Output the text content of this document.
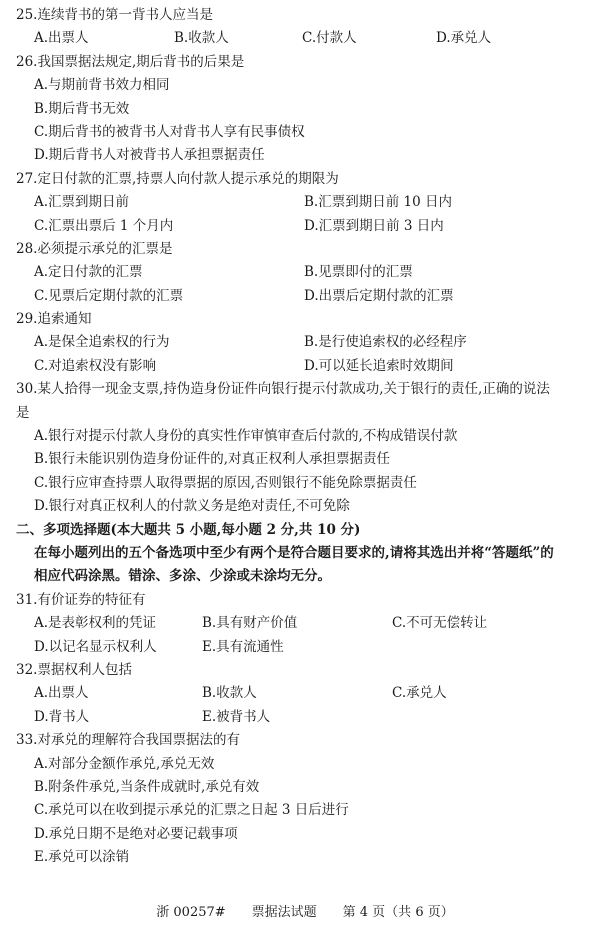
25.连续背书的第一背书人应当是
A.出票人	B.收款人	C.付款人	D.承兑人
26.我国票据法规定,期后背书的后果是
A.与期前背书效力相同
B.期后背书无效
C.期后背书的被背书人对背书人享有民事债权
D.期后背书人对被背书人承担票据责任
27.定日付款的汇票,持票人向付款人提示承兑的期限为
A.汇票到期日前	B.汇票到期日前 10 日内
C.汇票出票后 1 个月内	D.汇票到期日前 3 日内
28.必须提示承兑的汇票是
A.定日付款的汇票	B.见票即付的汇票
C.见票后定期付款的汇票	D.出票后定期付款的汇票
29.追索通知
A.是保全追索权的行为	B.是行使追索权的必经程序
C.对追索权没有影响	D.可以延长追索时效期间
30.某人拾得一现金支票,持伪造身份证件向银行提示付款成功,关于银行的责任,正确的说法
是
A.银行对提示付款人身份的真实性作审慎审查后付款的,不构成错误付款
B.银行未能识别伪造身份证件的,对真正权利人承担票据责任
C.银行应审查持票人取得票据的原因,否则银行不能免除票据责任
D.银行对真正权利人的付款义务是绝对责任,不可免除
二、多项选择题(本大题共 5 小题,每小题 2 分,共 10 分)
在每小题列出的五个备选项中至少有两个是符合题目要求的,请将其选出并将“答题纸”的
相应代码涂黑。错涂、多涂、少涂或未涂均无分。
31.有价证券的特征有
A.是表彰权利的凭证	B.具有财产价值	C.不可无偿转让
D.以记名显示权利人	E.具有流通性
32.票据权利人包括
A.出票人	B.收款人	C.承兑人
D.背书人	E.被背书人
33.对承兑的理解符合我国票据法的有
A.对部分金额作承兑,承兑无效
B.附条件承兑,当条件成就时,承兑有效
C.承兑可以在收到提示承兑的汇票之日起 3 日后进行
D.承兑日期不是绝对必要记载事项
E.承兑可以涂销
浙 00257#　　票据法试题　　第 4 页（共 6 页）
